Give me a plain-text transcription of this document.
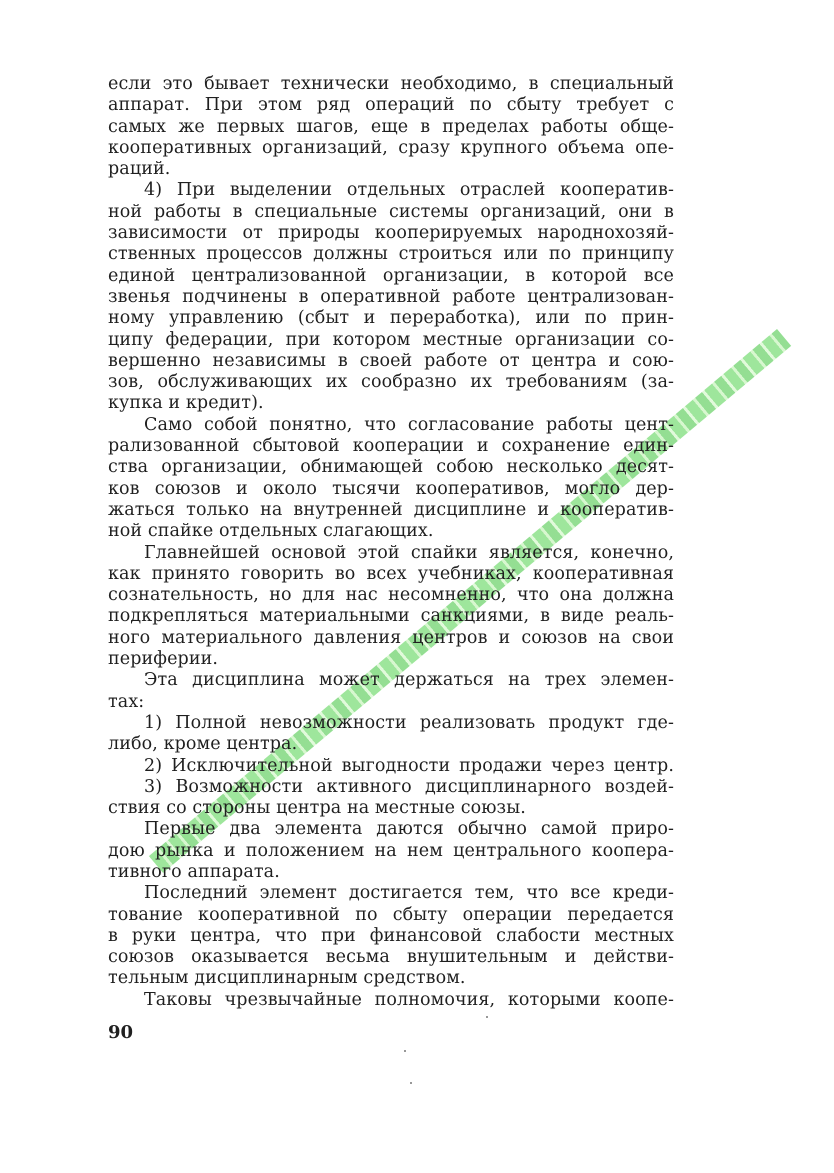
если это бывает технически необходимо, в специальный
аппарат. При этом ряд операций по сбыту требует с
самых же первых шагов, еще в пределах работы обще-
кооперативных организаций, сразу крупного объема опе-
раций.
4) При выделении отдельных отраслей кооператив-
ной работы в специальные системы организаций, они в
зависимости от природы кооперируемых народнохозяй-
ственных процессов должны строиться или по принципу
единой централизованной организации, в которой все
звенья подчинены в оперативной работе централизован-
ному управлению (сбыт и переработка), или по прин-
ципу федерации, при котором местные организации со-
вершенно независимы в своей работе от центра и сою-
зов, обслуживающих их сообразно их требованиям (за-
купка и кредит).
Само собой понятно, что согласование работы цент-
рализованной сбытовой кооперации и сохранение един-
ства организации, обнимающей собою несколько десят-
ков союзов и около тысячи кооперативов, могло дер-
жаться только на внутренней дисциплине и кооператив-
ной спайке отдельных слагающих.
Главнейшей основой этой спайки является, конечно,
как принято говорить во всех учебниках, кооперативная
сознательность, но для нас несомненно, что она должна
подкрепляться материальными санкциями, в виде реаль-
ного материального давления центров и союзов на свои
периферии.
Эта дисциплина может держаться на трех элемен-
тах:
1) Полной невозможности реализовать продукт где-
либо, кроме центра.
2) Исключительной выгодности продажи через центр.
3) Возможности активного дисциплинарного воздей-
ствия со стороны центра на местные союзы.
Первые два элемента даются обычно самой приро-
дою рынка и положением на нем центрального коопера-
тивного аппарата.
Последний элемент достигается тем, что все креди-
тование кооперативной по сбыту операции передается
в руки центра, что при финансовой слабости местных
союзов оказывается весьма внушительным и действи-
тельным дисциплинарным средством.
Таковы чрезвычайные полномочия, которыми коопе-
90
